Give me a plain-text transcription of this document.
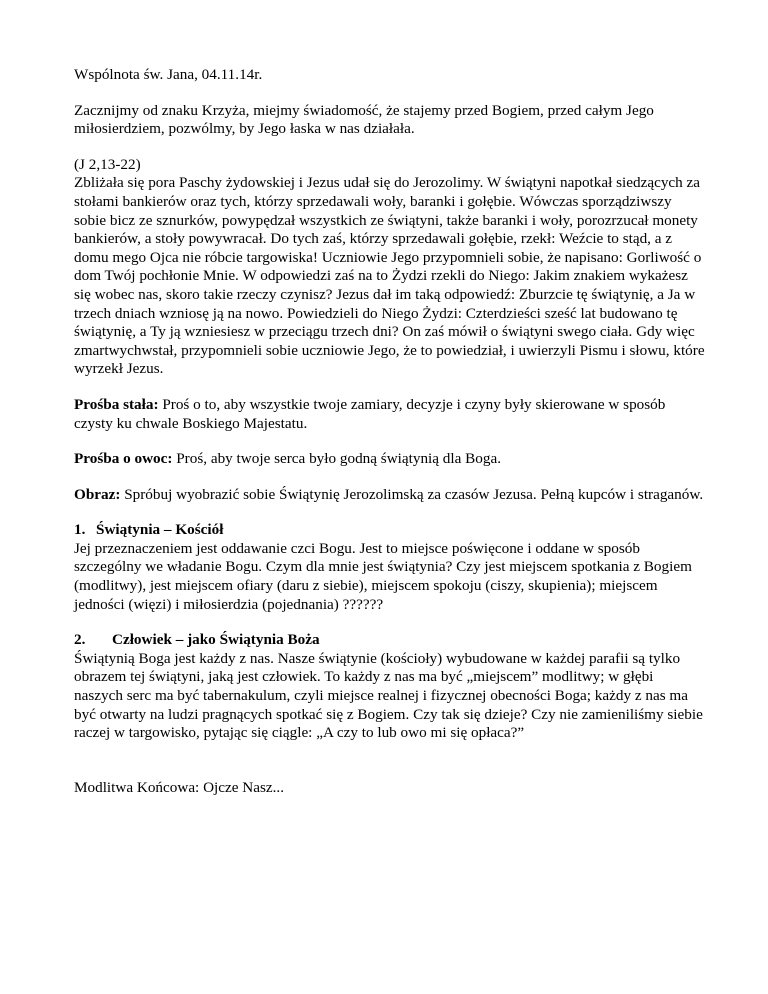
Wspólnota św. Jana, 04.11.14r.

Zacznijmy od znaku Krzyża, miejmy świadomość, że stajemy przed Bogiem, przed całym Jego miłosierdziem, pozwólmy, by Jego łaska w nas działała.

(J 2,13-22)
Zbliżała się pora Paschy żydowskiej i Jezus udał się do Jerozolimy. W świątyni napotkał siedzących za stołami bankierów oraz tych, którzy sprzedawali woły, baranki i gołębie. Wówczas sporządziwszy sobie bicz ze sznurków, powypędzał wszystkich ze świątyni, także baranki i woły, porozrzucał monety bankierów, a stoły powywracał. Do tych zaś, którzy sprzedawali gołębie, rzekł: Weźcie to stąd, a z domu mego Ojca nie róbcie targowiska! Uczniowie Jego przypomnieli sobie, że napisano: Gorliwość o dom Twój pochłonie Mnie. W odpowiedzi zaś na to Żydzi rzekli do Niego: Jakim znakiem wykażesz się wobec nas, skoro takie rzeczy czynisz? Jezus dał im taką odpowiedź: Zburzcie tę świątynię, a Ja w trzech dniach wzniosę ją na nowo. Powiedzieli do Niego Żydzi: Czterdzieści sześć lat budowano tę świątynię, a Ty ją wzniesiesz w przeciągu trzech dni? On zaś mówił o świątyni swego ciała. Gdy więc zmartwychwstał, przypomnieli sobie uczniowie Jego, że to powiedział, i uwierzyli Pismu i słowu, które wyrzekł Jezus.

Prośba stała: Proś o to, aby wszystkie twoje zamiary, decyzje i czyny były skierowane w sposób czysty ku chwale Boskiego Majestatu.

Prośba o owoc: Proś, aby twoje serca było godną świątynią dla Boga.

Obraz: Spróbuj wyobrazić sobie Świątynię Jerozolimską za czasów Jezusa. Pełną kupców i straganów.

1. Świątynia – Kościół
Jej przeznaczeniem jest oddawanie czci Bogu. Jest to miejsce poświęcone i oddane w sposób szczególny we władanie Bogu. Czym dla mnie jest świątynia? Czy jest miejscem spotkania z Bogiem (modlitwy), jest miejscem ofiary (daru z siebie), miejscem spokoju (ciszy, skupienia); miejscem jedności (więzi) i miłosierdzia (pojednania) ??????

2. Człowiek – jako Świątynia Boża
Świątynią Boga jest każdy z nas. Nasze świątynie (kościoły) wybudowane w każdej parafii są tylko obrazem tej świątyni, jaką jest człowiek. To każdy z nas ma być „miejscem” modlitwy; w głębi naszych serc ma być tabernakulum, czyli miejsce realnej i fizycznej obecności Boga; każdy z nas ma być otwarty na ludzi pragnących spotkać się z Bogiem. Czy tak się dzieje? Czy nie zamieniliśmy siebie raczej w targowisko, pytając się ciągle: „A czy to lub owo mi się opłaca?”

Modlitwa Końcowa: Ojcze Nasz...
